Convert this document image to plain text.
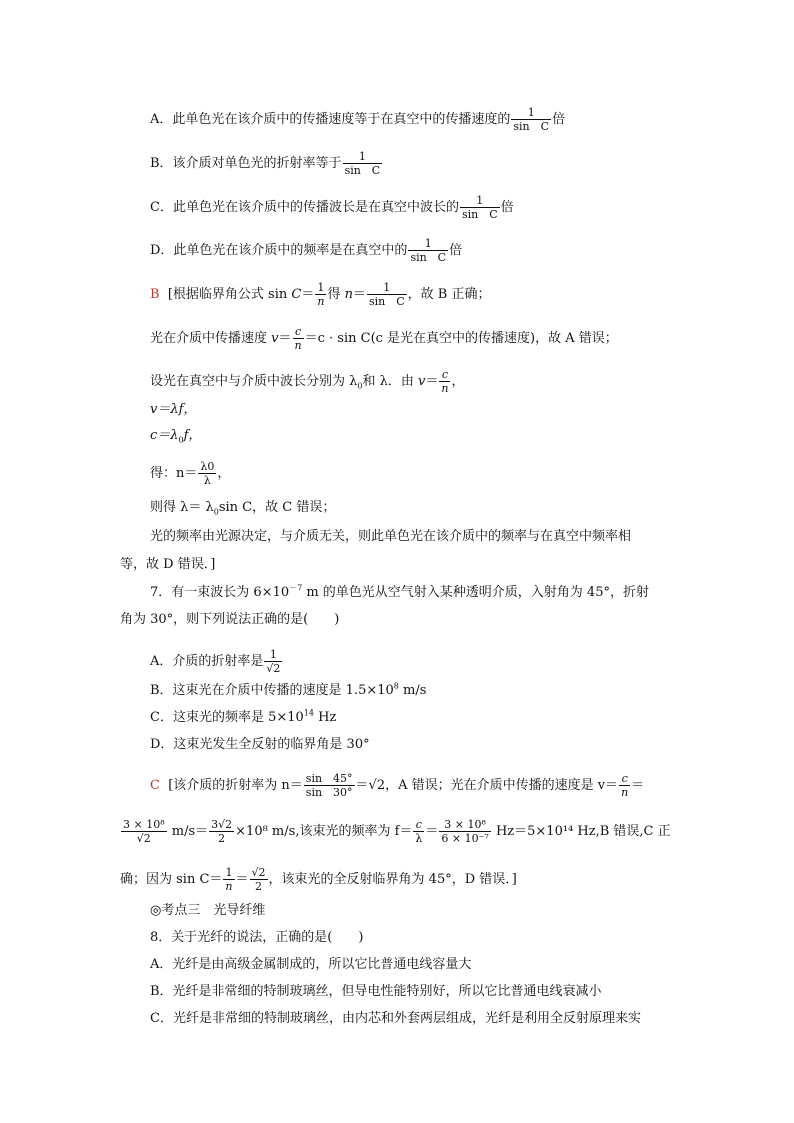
A．此单色光在该介质中的传播速度等于在真空中的传播速度的 $\frac{1}{\text{sin　C}}$ 倍
B．该介质对单色光的折射率等于 $\frac{1}{\text{sin　C}}$
C．此单色光在该介质中的传播波长是在真空中波长的 $\frac{1}{\text{sin　C}}$ 倍
D．此单色光在该介质中的频率是在真空中的 $\frac{1}{\text{sin　C}}$ 倍
B [根据临界角公式 $\sin C= \frac{1}{n}$ 得 $n= \frac{1}{\text{sin　C}}$ ，故 B 正确；
光在介质中传播速度 $v= \frac{c}{n} =c \cdot \sin C(c$ 是光在真空中的传播速度)，故 A 错误；
设光在真空中与介质中波长分别为 $\lambda_0$和 λ．由 $v= \frac{c}{n}$ ，
v＝λf，
$c=\lambda_0f$，
得：$n= \frac{\lambda 0}{\lambda}$ ，
则得 $\lambda= \lambda_0\sin$ C，故 C 错误；
光的频率由光源决定，与介质无关，则此单色光在该介质中的频率与在真空中频率相
等，故 D 错误．]
7．有一束波长为 $6\times 10^{-7}$ m 的单色光从空气射入某种透明介质，入射角为 45°，折射
角为 30°，则下列说法正确的是(　　)
A．介质的折射率是 $\frac{1}{√2}$
B．这束光在介质中传播的速度是 $1.5\times 10^8$ m/s
C．这束光的频率是 $5\times 10^{14}$ Hz
D．这束光发生全反射的临界角是 30°
C [该介质的折射率为 $n= \frac{\sin 45^\circ}{\sin 30^\circ} =√2$，A 错误；光在介质中传播的速度是 $v= \frac{c}{n}$ ＝
$\frac{\text{3 × 10⁸}}{√2} m/s= \frac{3√2}{2} \times 10^8$ m/s,该束光的频率为 $f= \frac{c}{\lambda} = \frac{\text{3 × 10⁸}}{\text{6 × 10⁻⁷}} Hz=5\times 10^{14}$ Hz,B 错误,C 正
确；因为 $\sin C= \frac{1}{n} = \frac{√2}{2}$ ，该束光的全反射临界角为 45°，D 错误．]
◎考点三　光导纤维
8．关于光纤的说法，正确的是(　　)
A．光纤是由高级金属制成的，所以它比普通电线容量大
B．光纤是非常细的特制玻璃丝，但导电性能特别好，所以它比普通电线衰减小
C．光纤是非常细的特制玻璃丝，由内芯和外套两层组成，光纤是利用全反射原理来实
